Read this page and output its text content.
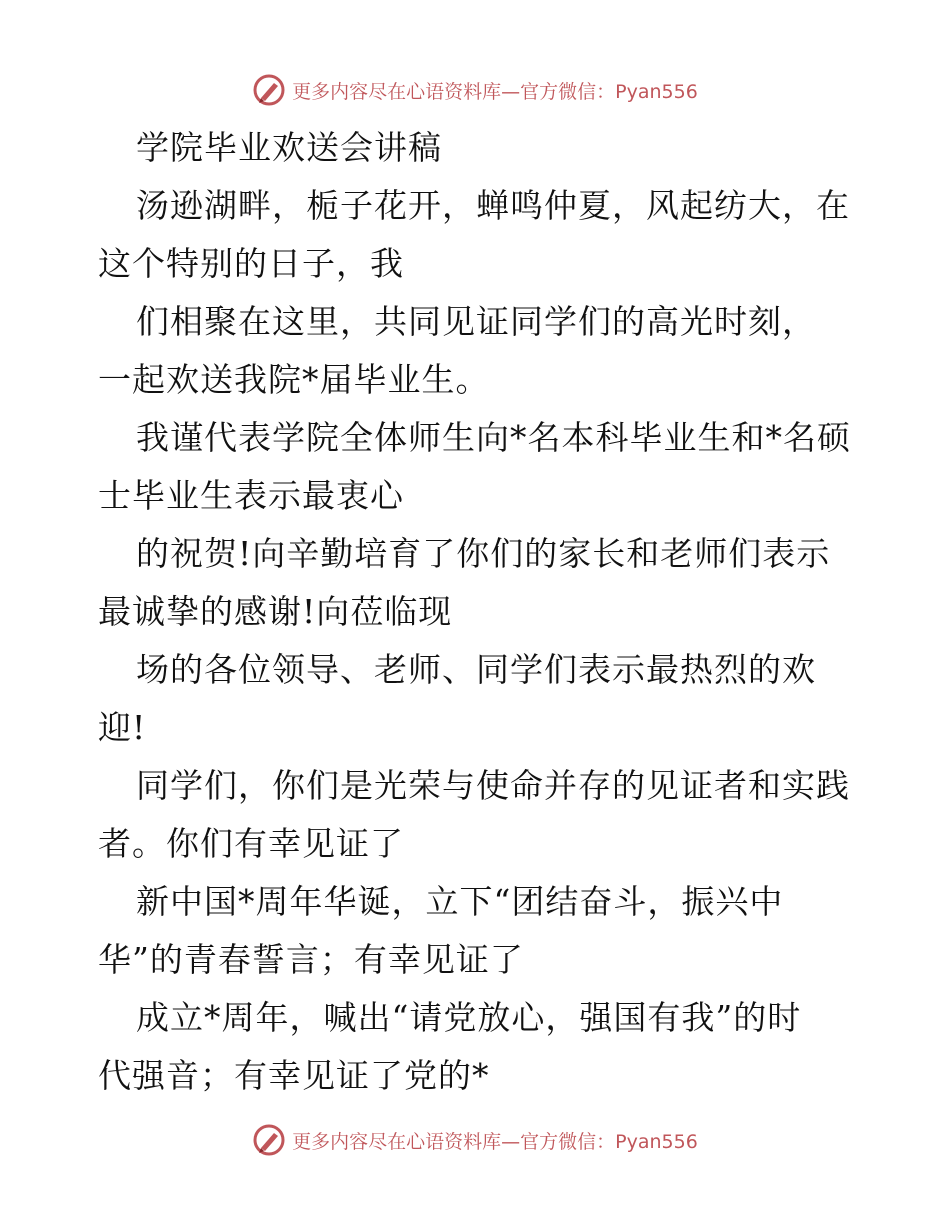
更多内容尽在心语资料库—官方微信：Pyan556
学院毕业欢送会讲稿
汤逊湖畔，栀子花开，蝉鸣仲夏，风起纺大，在
这个特别的日子，我
们相聚在这里，共同见证同学们的高光时刻，
一起欢送我院*届毕业生。
我谨代表学院全体师生向*名本科毕业生和*名硕
士毕业生表示最衷心
的祝贺!向辛勤培育了你们的家长和老师们表示
最诚挚的感谢!向莅临现
场的各位领导、老师、同学们表示最热烈的欢
迎!
同学们，你们是光荣与使命并存的见证者和实践
者。你们有幸见证了
新中国*周年华诞，立下“团结奋斗，振兴中
华”的青春誓言；有幸见证了
成立*周年，喊出“请党放心，强国有我”的时
代强音；有幸见证了党的*
更多内容尽在心语资料库—官方微信：Pyan556
